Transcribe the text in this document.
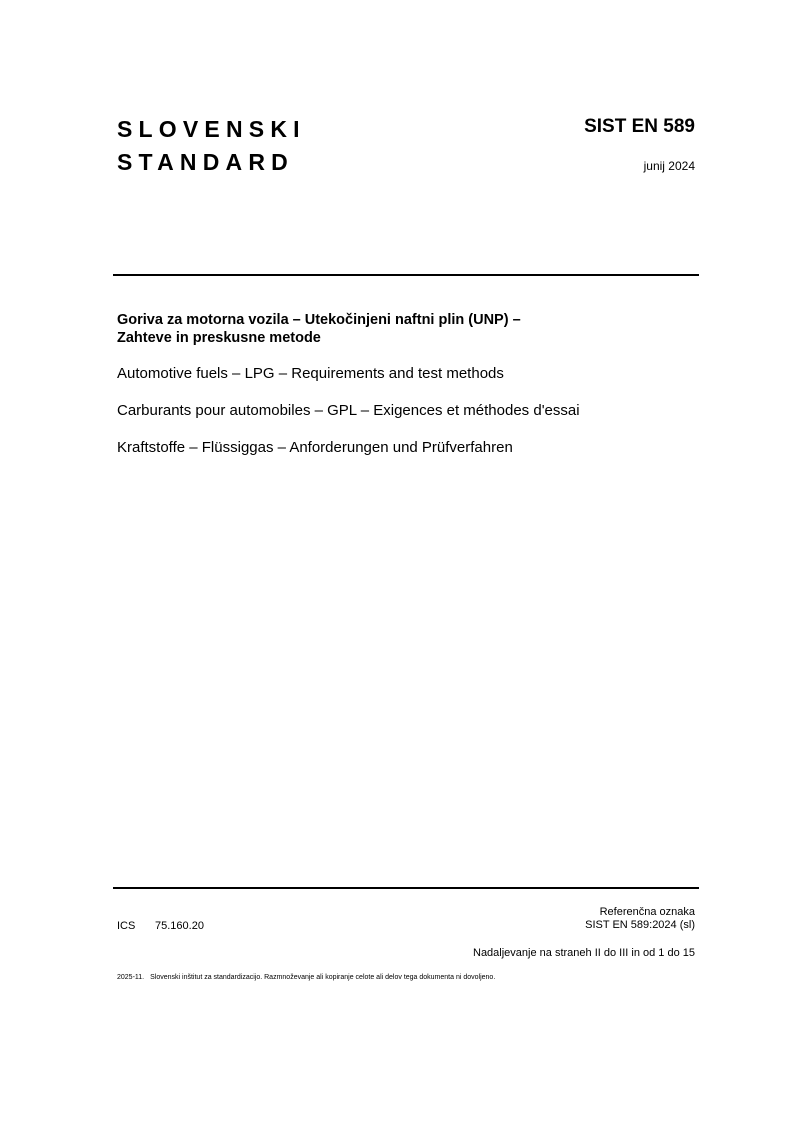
SLOVENSKI
STANDARD
SIST EN 589
junij 2024
Goriva za motorna vozila – Utekočinjeni naftni plin (UNP) –
Zahteve in preskusne metode
Automotive fuels – LPG – Requirements and test methods
Carburants pour automobiles – GPL – Exigences et méthodes d'essai
Kraftstoffe – Flüssiggas – Anforderungen und Prüfverfahren
ICS 75.160.20
Referenčna oznaka
SIST EN 589:2024 (sl)
Nadaljevanje na straneh II do III in od 1 do 15
2025-11. Slovenski inštitut za standardizacijo. Razmnoževanje ali kopiranje celote ali delov tega dokumenta ni dovoljeno.
